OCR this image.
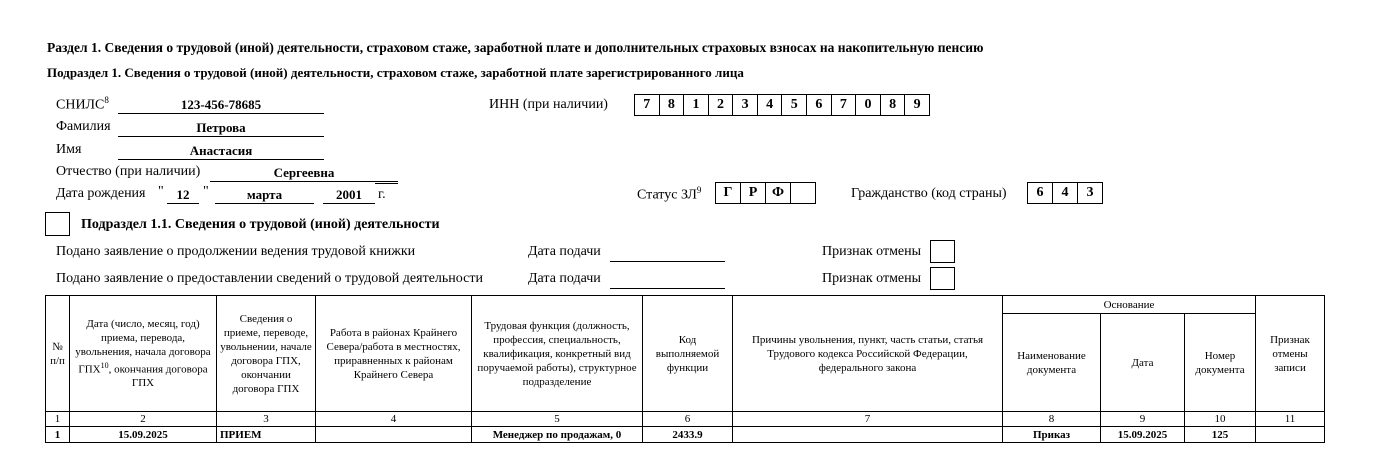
Раздел 1. Сведения о трудовой (иной) деятельности, страховом стаже, заработной плате и дополнительных страховых взносах на накопительную пенсию
Подраздел 1. Сведения о трудовой (иной) деятельности, страховом стаже, заработной плате зарегистрированного лица
СНИЛС$^8$	123-456-78685	ИНН (при наличии)	7	8	1	2	3	4	5	6	7	0	8	9
Фамилия	Петрова
Имя	Анастасия
Отчество (при наличии)	Сергеевна
Дата рождения " 12 "	марта	2001	г.	Статус $ЗЛ^9$	Г	Р	Ф	Гражданство (код страны)	6	4	3
Подраздел 1.1. Сведения о трудовой (иной) деятельности
Подано заявление о продолжении ведения трудовой книжки	Дата подачи	Признак отмены
Подано заявление о предоставлении сведений о трудовой деятельности	Дата подачи	Признак отмены
№ п/п	Дата (число, месяц, год) приема, перевода, увольнения, начала договора ГПХ$^{10}$, окончания договора ГПХ	Сведения о приеме, переводе, увольнении, начале договора ГПХ, окончании договора ГПХ	Работа в районах Крайнего Севера/работа в местностях, приравненных к районам Крайнего Севера	Трудовая функция (должность, профессия, специальность, квалификация, конкретный вид поручаемой работы), структурное подразделение	Код выполняемой функции	Причины увольнения, пункт, часть статьи, статья Трудового кодекса Российской Федерации, федерального закона	Основание			Признак отмены записи
							Наименование документа	Дата	Номер документа	
1	2	3	4	5	6	7	8	9	10	11
1	15.09.2025	ПРИЕМ		Менеджер по продажам, 0	2433.9		Приказ	15.09.2025	125	
